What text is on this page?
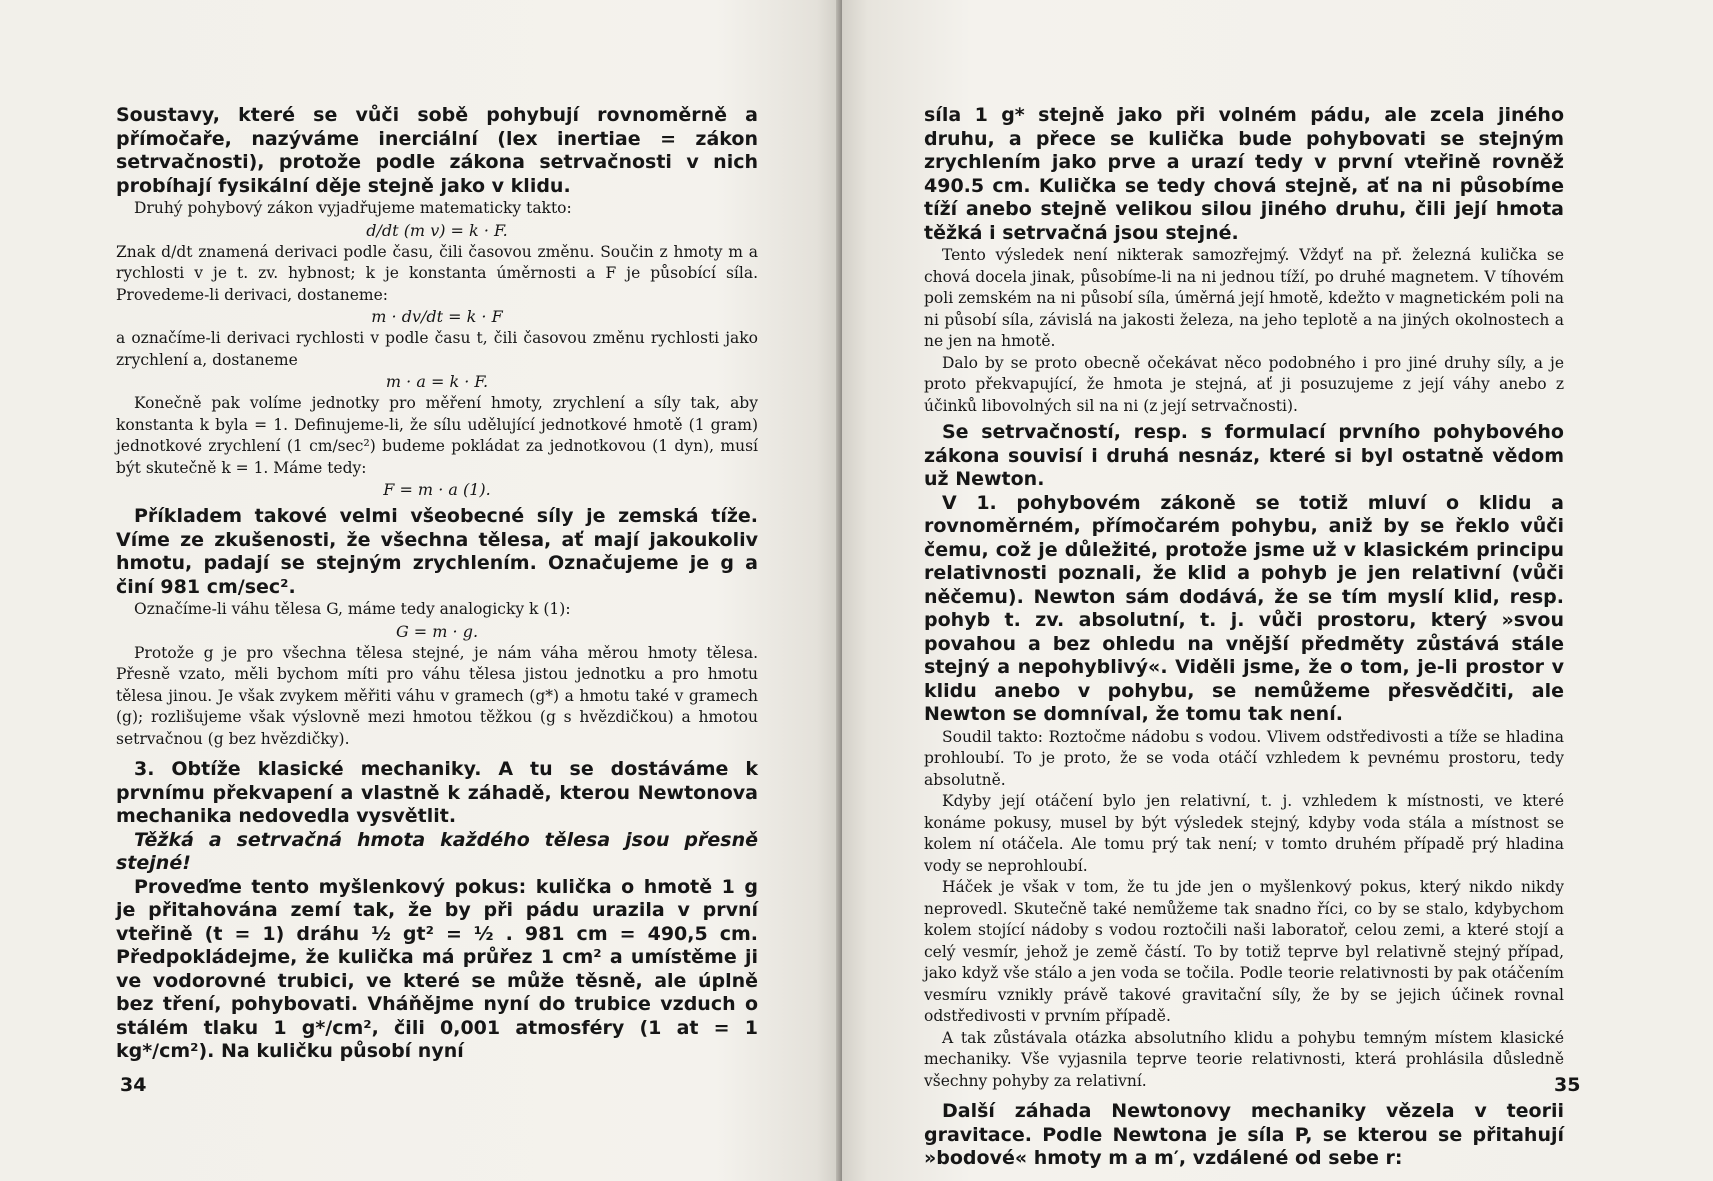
Soustavy, které se vůči sobě pohybují rovnoměrně a přímočaře, nazýváme inerciální (lex inertiae = zákon setrvačnosti), protože podle zákona setrvačnosti v nich probíhají fysikální děje stejně jako v klidu.

Druhý pohybový zákon vyjadřujeme matematicky takto:

d/dt (m v) = k · F.

Znak d/dt znamená derivaci podle času, čili časovou změnu. Součin z hmoty m a rychlosti v je t. zv. hybnost; k je konstanta úměrnosti a F je působící síla. Provedeme-li derivaci, dostaneme:

m · dv/dt = k · F

a označíme-li derivaci rychlosti v podle času t, čili časovou změnu rychlosti jako zrychlení a, dostaneme

m · a = k · F.

Konečně pak volíme jednotky pro měření hmoty, zrychlení a síly tak, aby konstanta k byla = 1. Definujeme-li, že sílu udělující jednotkové hmotě (1 gram) jednotkové zrychlení (1 cm/sec²) budeme pokládat za jednotkovou (1 dyn), musí být skutečně k = 1. Máme tedy:

F = m · a (1).

Příkladem takové velmi všeobecné síly je zemská tíže. Víme ze zkušenosti, že všechna tělesa, ať mají jakoukoliv hmotu, padají se stejným zrychlením. Označujeme je g a činí 981 cm/sec².

Označíme-li váhu tělesa G, máme tedy analogicky k (1):

G = m · g.

Protože g je pro všechna tělesa stejné, je nám váha měrou hmoty tělesa. Přesně vzato, měli bychom míti pro váhu tělesa jistou jednotku a pro hmotu tělesa jinou. Je však zvykem měřiti váhu v gramech (g*) a hmotu také v gramech (g); rozlišujeme však výslovně mezi hmotou těžkou (g s hvězdičkou) a hmotou setrvačnou (g bez hvězdičky).

3. Obtíže klasické mechaniky. A tu se dostáváme k prvnímu překvapení a vlastně k záhadě, kterou Newtonova mechanika nedovedla vysvětlit.

Těžká a setrvačná hmota každého tělesa jsou přesně stejné!

Proveďme tento myšlenkový pokus: kulička o hmotě 1 g je přitahována zemí tak, že by při pádu urazila v první vteřině (t = 1) dráhu ½ gt² = ½ . 981 cm = 490,5 cm. Předpokládejme, že kulička má průřez 1 cm² a umístěme ji ve vodorovné trubici, ve které se může těsně, ale úplně bez tření, pohybovati. Vháňějme nyní do trubice vzduch o stálém tlaku 1 g*/cm², čili 0,001 atmosféry (1 at = 1 kg*/cm²). Na kuličku působí nyní

34

síla 1 g* stejně jako při volném pádu, ale zcela jiného druhu, a přece se kulička bude pohybovati se stejným zrychlením jako prve a urazí tedy v první vteřině rovněž 490.5 cm. Kulička se tedy chová stejně, ať na ni působíme tíží anebo stejně velikou silou jiného druhu, čili její hmota těžká i setrvačná jsou stejné.

Tento výsledek není nikterak samozřejmý. Vždyť na př. železná kulička se chová docela jinak, působíme-li na ni jednou tíží, po druhé magnetem. V tíhovém poli zemském na ni působí síla, úměrná její hmotě, kdežto v magnetickém poli na ni působí síla, závislá na jakosti železa, na jeho teplotě a na jiných okolnostech a ne jen na hmotě.

Dalo by se proto obecně očekávat něco podobného i pro jiné druhy síly, a je proto překvapující, že hmota je stejná, ať ji posuzujeme z její váhy anebo z účinků libovolných sil na ni (z její setrvačnosti).

Se setrvačností, resp. s formulací prvního pohybového zákona souvisí i druhá nesnáz, které si byl ostatně vědom už Newton.

V 1. pohybovém zákoně se totiž mluví o klidu a rovnoměrném, přímočarém pohybu, aniž by se řeklo vůči čemu, což je důležité, protože jsme už v klasickém principu relativnosti poznali, že klid a pohyb je jen relativní (vůči něčemu). Newton sám dodává, že se tím myslí klid, resp. pohyb t. zv. absolutní, t. j. vůči prostoru, který »svou povahou a bez ohledu na vnější předměty zůstává stále stejný a nepohyblivý«. Viděli jsme, že o tom, je-li prostor v klidu anebo v pohybu, se nemůžeme přesvědčiti, ale Newton se domníval, že tomu tak není.

Soudil takto: Roztočme nádobu s vodou. Vlivem odstředivosti a tíže se hladina prohloubí. To je proto, že se voda otáčí vzhledem k pevnému prostoru, tedy absolutně.

Kdyby její otáčení bylo jen relativní, t. j. vzhledem k místnosti, ve které konáme pokusy, musel by být výsledek stejný, kdyby voda stála a místnost se kolem ní otáčela. Ale tomu prý tak není; v tomto druhém případě prý hladina vody se neprohloubí.

Háček je však v tom, že tu jde jen o myšlenkový pokus, který nikdo nikdy neprovedl. Skutečně také nemůžeme tak snadno říci, co by se stalo, kdybychom kolem stojící nádoby s vodou roztočili naši laboratoř, celou zemi, a které stojí a celý vesmír, jehož je země částí. To by totiž teprve byl relativně stejný případ, jako když vše stálo a jen voda se točila. Podle teorie relativnosti by pak otáčením vesmíru vznikly právě takové gravitační síly, že by se jejich účinek rovnal odstředivosti v prvním případě.

A tak zůstávala otázka absolutního klidu a pohybu temným místem klasické mechaniky. Vše vyjasnila teprve teorie relativnosti, která prohlásila důsledně všechny pohyby za relativní.

Další záhada Newtonovy mechaniky vězela v teorii gravitace. Podle Newtona je síla P, se kterou se přitahují »bodové« hmoty m a m′, vzdálené od sebe r:

35
